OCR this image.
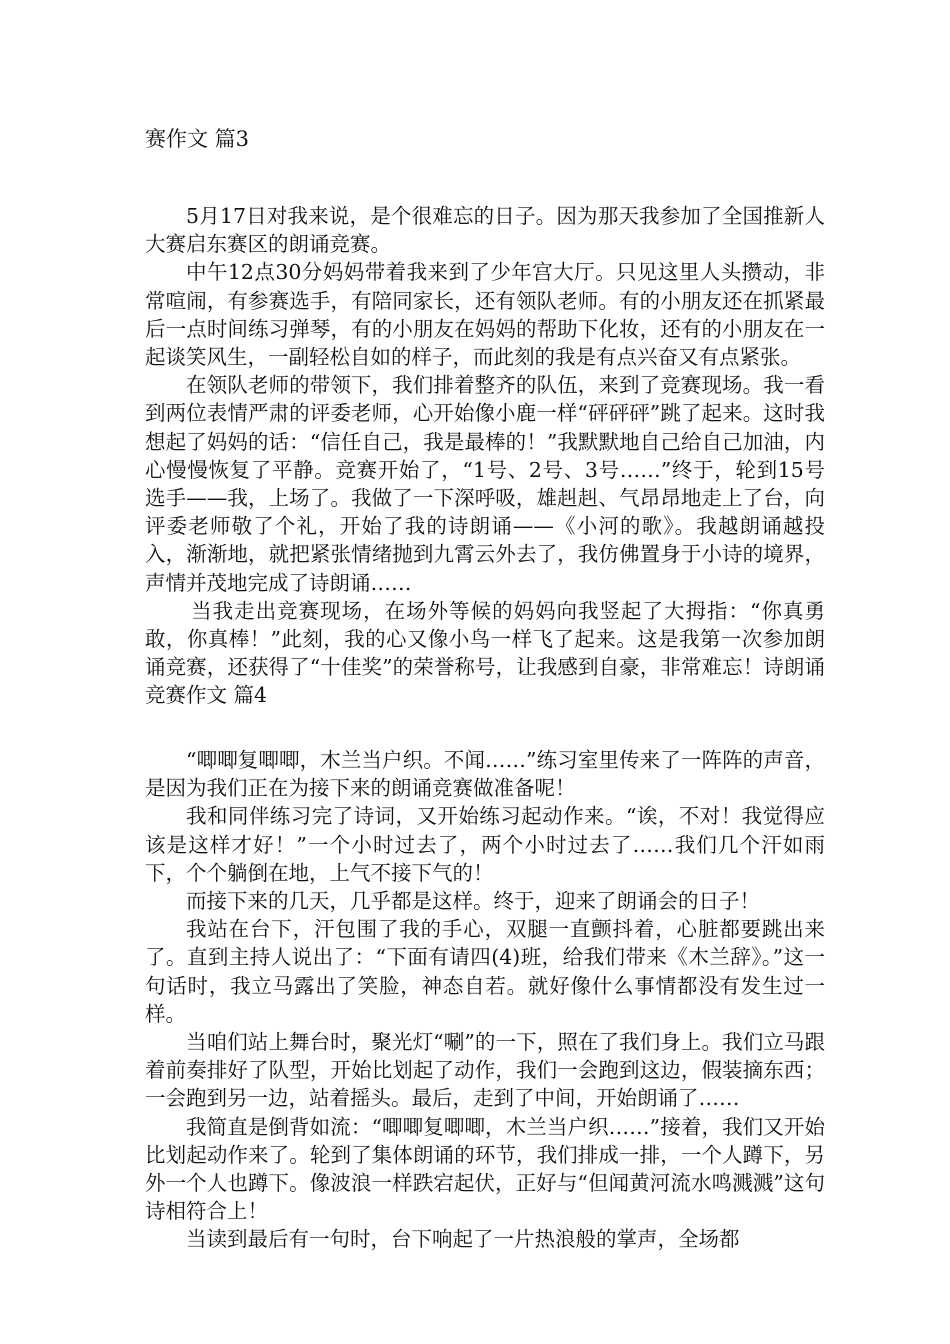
赛作文 篇3

5月17日对我来说，是个很难忘的日子。因为那天我参加了全国推新人大赛启东赛区的朗诵竞赛。

中午12点30分妈妈带着我来到了少年宫大厅。只见这里人头攒动，非常喧闹，有参赛选手，有陪同家长，还有领队老师。有的小朋友还在抓紧最后一点时间练习弹琴，有的小朋友在妈妈的帮助下化妆，还有的小朋友在一起谈笑风生，一副轻松自如的样子，而此刻的我是有点兴奋又有点紧张。

在领队老师的带领下，我们排着整齐的队伍，来到了竞赛现场。我一看到两位表情严肃的评委老师，心开始像小鹿一样“砰砰砰”跳了起来。这时我想起了妈妈的话：“信任自己，我是最棒的！”我默默地自己给自己加油，内心慢慢恢复了平静。竞赛开始了，“1号、2号、3号……”终于，轮到15号选手——我，上场了。我做了一下深呼吸，雄赳赳、气昂昂地走上了台，向评委老师敬了个礼，开始了我的诗朗诵——《小河的歌》。我越朗诵越投入，渐渐地，就把紧张情绪抛到九霄云外去了，我仿佛置身于小诗的境界，声情并茂地完成了诗朗诵……

当我走出竞赛现场，在场外等候的妈妈向我竖起了大拇指：“你真勇敢，你真棒！”此刻，我的心又像小鸟一样飞了起来。这是我第一次参加朗诵竞赛，还获得了“十佳奖”的荣誉称号，让我感到自豪，非常难忘！诗朗诵竞赛作文 篇4

“唧唧复唧唧，木兰当户织。不闻……”练习室里传来了一阵阵的声音，是因为我们正在为接下来的朗诵竞赛做准备呢！

我和同伴练习完了诗词，又开始练习起动作来。“诶，不对！我觉得应该是这样才好！”一个小时过去了，两个小时过去了……我们几个汗如雨下，个个躺倒在地，上气不接下气的！

而接下来的几天，几乎都是这样。终于，迎来了朗诵会的日子！

我站在台下，汗包围了我的手心，双腿一直颤抖着，心脏都要跳出来了。直到主持人说出了：“下面有请四(4)班，给我们带来《木兰辞》。”这一句话时，我立马露出了笑脸，神态自若。就好像什么事情都没有发生过一样。

当咱们站上舞台时，聚光灯“唰”的一下，照在了我们身上。我们立马跟着前奏排好了队型，开始比划起了动作，我们一会跑到这边，假装摘东西；一会跑到另一边，站着摇头。最后，走到了中间，开始朗诵了……

我简直是倒背如流：“唧唧复唧唧，木兰当户织……”接着，我们又开始比划起动作来了。轮到了集体朗诵的环节，我们排成一排，一个人蹲下，另外一个人也蹲下。像波浪一样跌宕起伏，正好与“但闻黄河流水鸣溅溅”这句诗相符合上！

当读到最后有一句时，台下响起了一片热浪般的掌声，全场都
